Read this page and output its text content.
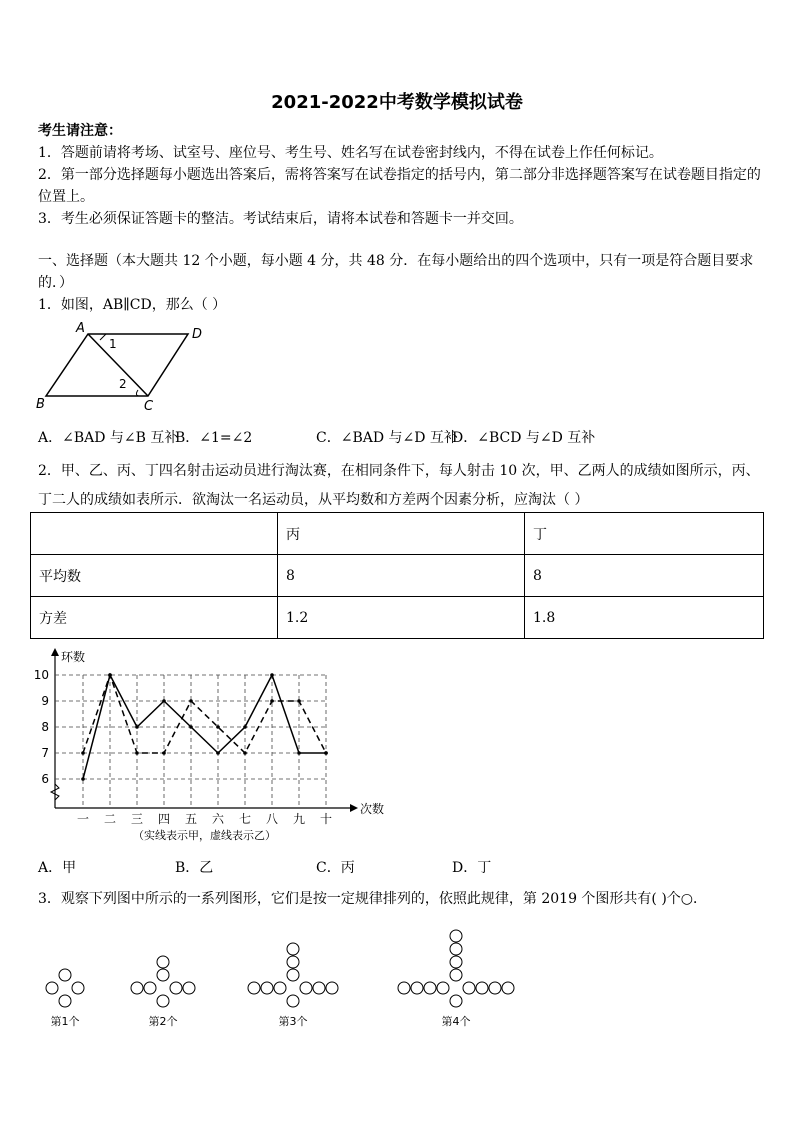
2021-2022中考数学模拟试卷
考生请注意：
1．答题前请将考场、试室号、座位号、考生号、姓名写在试卷密封线内，不得在试卷上作任何标记。
2．第一部分选择题每小题选出答案后，需将答案写在试卷指定的括号内，第二部分非选择题答案写在试卷题目指定的
位置上。
3．考生必须保证答题卡的整洁。考试结束后，请将本试卷和答题卡一并交回。
一、选择题（本大题共 12 个小题，每小题 4 分，共 48 分．在每小题给出的四个选项中，只有一项是符合题目要求
的．）
1．如图，AB∥CD，那么（ ）
A	D
B	C
1
2
A．∠BAD 与∠B 互补
B．∠1=∠2	C．∠BAD 与∠D 互补
D．∠BCD 与∠D 互补
2．甲、乙、丙、丁四名射击运动员进行淘汰赛，在相同条件下，每人射击 10 次，甲、乙两人的成绩如图所示，丙、
丁二人的成绩如表所示．欲淘汰一名运动员，从平均数和方差两个因素分析，应淘汰（ ）
	丙	丁
平均数	8	8
方差	1.2	1.8
6
7
8
9
10
一 二 三 四 五 六 七 八 九 十
环数
次数
（实线表示甲，虚线表示乙）
A．甲	B．乙	C．丙	D．丁
3．观察下列图中所示的一系列图形，它们是按一定规律排列的，依照此规律，第 2019 个图形共有( )个○．
第1个	第2个	第3个	第4个
